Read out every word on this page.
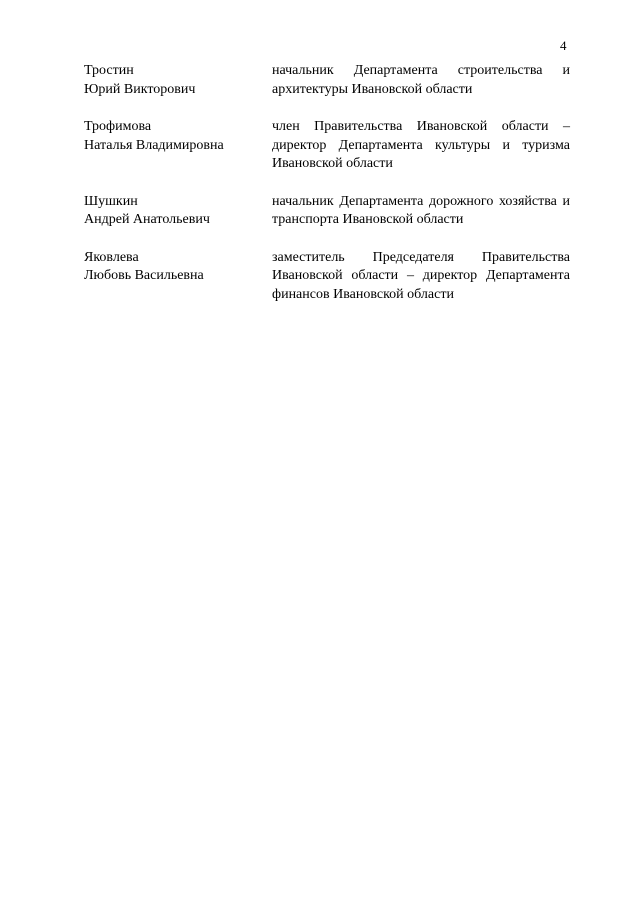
4
Тростин
Юрий Викторович
начальник Департамента строительства и архитектуры Ивановской области
Трофимова
Наталья Владимировна
член Правительства Ивановской области – директор Департамента культуры и туризма Ивановской области
Шушкин
Андрей Анатольевич
начальник Департамента дорожного хозяйства и транспорта Ивановской области
Яковлева
Любовь Васильевна
заместитель Председателя Правительства Ивановской области – директор Департамента финансов Ивановской области
